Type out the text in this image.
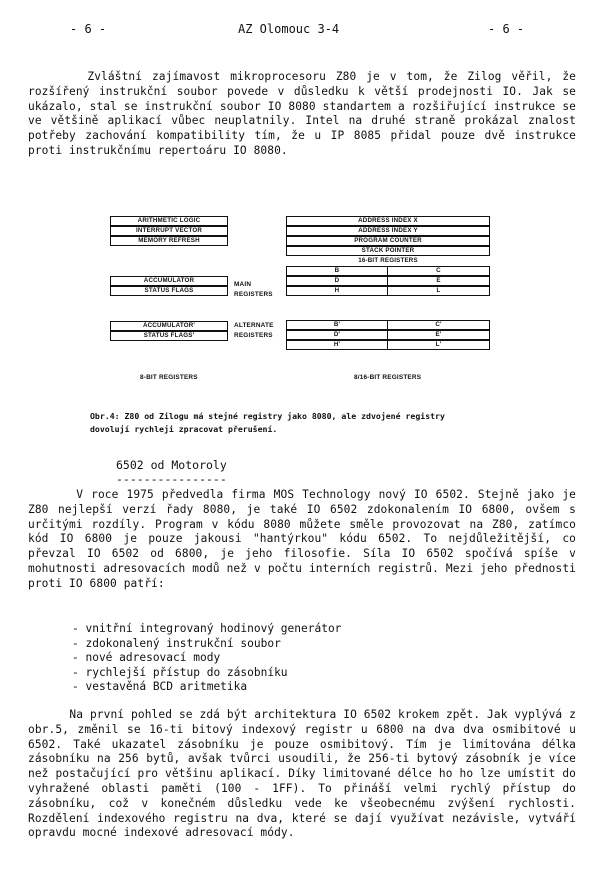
- 6 -	AZ Olomouc 3-4	- 6 -
Zvláštní zajímavost mikroprocesoru Z80 je v tom, že Zilog věřil, že rozšířený instrukční soubor povede v důsledku k větší prodejnosti IO. Jak se ukázalo, stal se instrukční soubor IO 8080 standartem a rozšiřující instrukce se ve většině aplikací vůbec neuplatnily. Intel na druhé straně prokázal znalost potřeby zachování kompatibility tím, že u IP 8085 přidal pouze dvě instrukce proti instrukčnímu repertoáru IO 8080.
ARITHMETIC LOGIC
INTERRUPT VECTOR
MEMORY REFRESH
ACCUMULATOR
STATUS FLAGS
MAIN
REGISTERS
ACCUMULATOR'
STATUS FLAGS'
ALTERNATE
REGISTERS
ADDRESS INDEX X
ADDRESS INDEX Y
PROGRAM COUNTER
STACK POINTER
16-BIT REGISTERS
B	C
D	E
H	L
B'	C'
D'	E'
H'	L'
8-BIT REGISTERS	8/16-BIT REGISTERS
Obr.4: Z80 od Zilogu má stejné registry jako 8080, ale zdvojené registry
dovolují rychleji zpracovat přerušení.
6502 od Motoroly
----------------
V roce 1975 předvedla firma MOS Technology nový IO 6502. Stejně jako je Z80 nejlepší verzí řady 8080, je také IO 6502 zdokonalením IO 6800, ovšem s určitými rozdíly. Program v kódu 8080 můžete směle provozovat na Z80, zatímco kód IO 6800 je pouze jakousi "hantýrkou" kódu 6502. To nejdůležitější, co převzal IO 6502 od 6800, je jeho filosofie. Síla IO 6502 spočívá spíše v mohutnosti adresovacích modů než v počtu interních registrů. Mezi jeho přednosti proti IO 6800 patří:
- vnitřní integrovaný hodinový generátor
- zdokonalený instrukční soubor
- nové adresovací mody
- rychlejší přístup do zásobníku
- vestavěná BCD aritmetika
Na první pohled se zdá být architektura IO 6502 krokem zpět. Jak vyplývá z obr.5, změnil se 16-ti bitový indexový registr u 6800 na dva dva osmibitové u 6502. Také ukazatel zásobníku je pouze osmibitový. Tím je limitována délka zásobníku na 256 bytů, avšak tvůrci usoudili, že 256-ti bytový zásobník je více než postačující pro většinu aplikací. Díky limitované délce ho ho lze umístit do vyhražené oblasti paměti (100 - 1FF). To přináší velmi rychlý přístup do zásobníku, což v konečném důsledku vede ke všeobecnému zvýšení rychlosti. Rozdělení indexového registru na dva, které se dají využívat nezávisle, vytváří opravdu mocné indexové adresovací módy.
